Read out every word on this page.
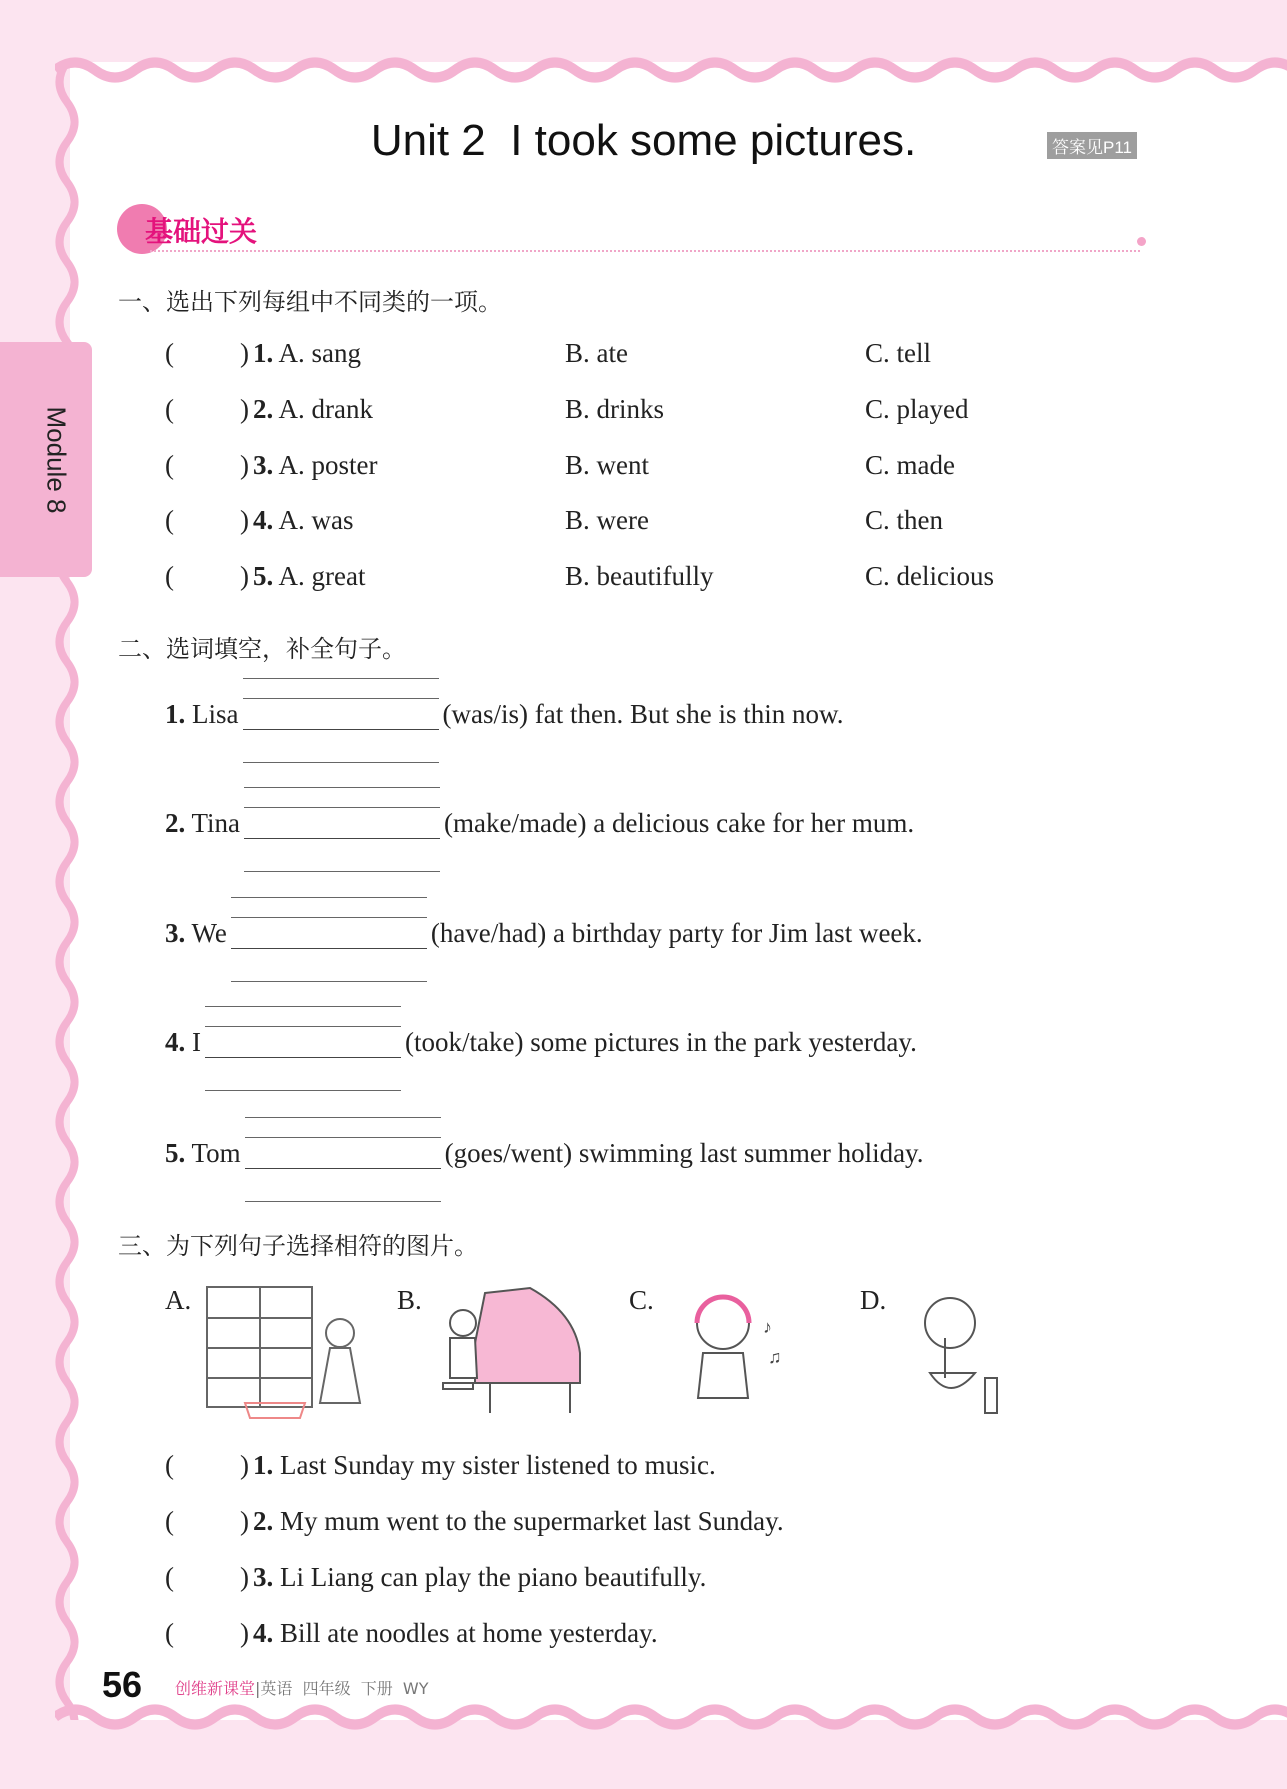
Unit 2  I took some pictures.	答案见P11
Module 8
基础过关
一、选出下列每组中不同类的一项。
( ) 1. A. sang	B. ate	C. tell
( ) 2. A. drank	B. drinks	C. played
( ) 3. A. poster	B. went	C. made
( ) 4. A. was	B. were	C. then
( ) 5. A. great	B. beautifully	C. delicious
二、选词填空，补全句子。
1. Lisa	(was/is) fat then. But she is thin now.
2. Tina	(make/made) a delicious cake for her mum.
3. We	(have/had) a birthday party for Jim last week.
4. I	(took/take) some pictures in the park yesterday.
5. Tom	(goes/went) swimming last summer holiday.
三、为下列句子选择相符的图片。
A.	B.	C.	D.
♪
♫
( ) 1. Last Sunday my sister listened to music.
( ) 2. My mum went to the supermarket last Sunday.
( ) 3. Li Liang can play the piano beautifully.
( ) 4. Bill ate noodles at home yesterday.
56 创维新课堂|英语  四年级  下册  WY
